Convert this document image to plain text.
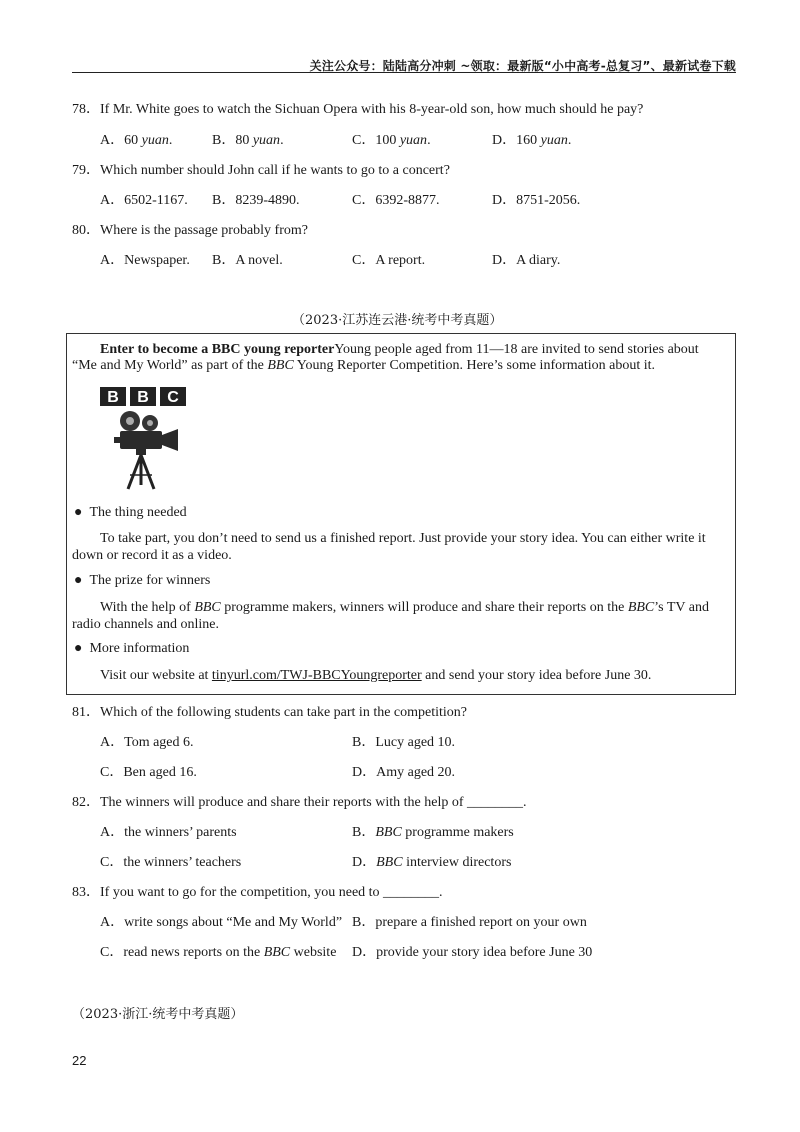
关注公众号：陆陆高分冲刺 ~领取：最新版“小中高考-总复习”、最新试卷下载
78．If Mr. White goes to watch the Sichuan Opera with his 8-year-old son, how much should he pay?
A．60 yuan.	B．80 yuan.	C．100 yuan.	D．160 yuan.
79．Which number should John call if he wants to go to a concert?
A．6502-1167. B．8239-4890.	C．6392-8877.	D．8751-2056.
80．Where is the passage probably from?
A．Newspaper. B．A novel.	C．A report.	D．A diary.
（2023·江苏连云港·统考中考真题）
Enter to become a BBC young reporterYoung people aged from 11—18 are invited to send stories about
“Me and My World” as part of the BBC Young Reporter Competition. Here’s some information about it.
B B C
● The thing needed
To take part, you don’t need to send us a finished report. Just provide your story idea. You can either write it
down or record it as a video.
● The prize for winners
With the help of BBC programme makers, winners will produce and share their reports on the BBC’s TV and
radio channels and online.
● More information
Visit our website at tinyurl.com/TWJ-BBCYoungreporter and send your story idea before June 30.
81．Which of the following students can take part in the competition?
A．Tom aged 6.	B．Lucy aged 10.
C．Ben aged 16.	D．Amy aged 20.
82．The winners will produce and share their reports with the help of ________.
A．the winners’ parents	B．BBC programme makers
C．the winners’ teachers	D．BBC interview directors
83．If you want to go for the competition, you need to ________.
A．write songs about “Me and My World” B．prepare a finished report on your own
C．read news reports on the BBC website D．provide your story idea before June 30
（2023·浙江·统考中考真题）
22
